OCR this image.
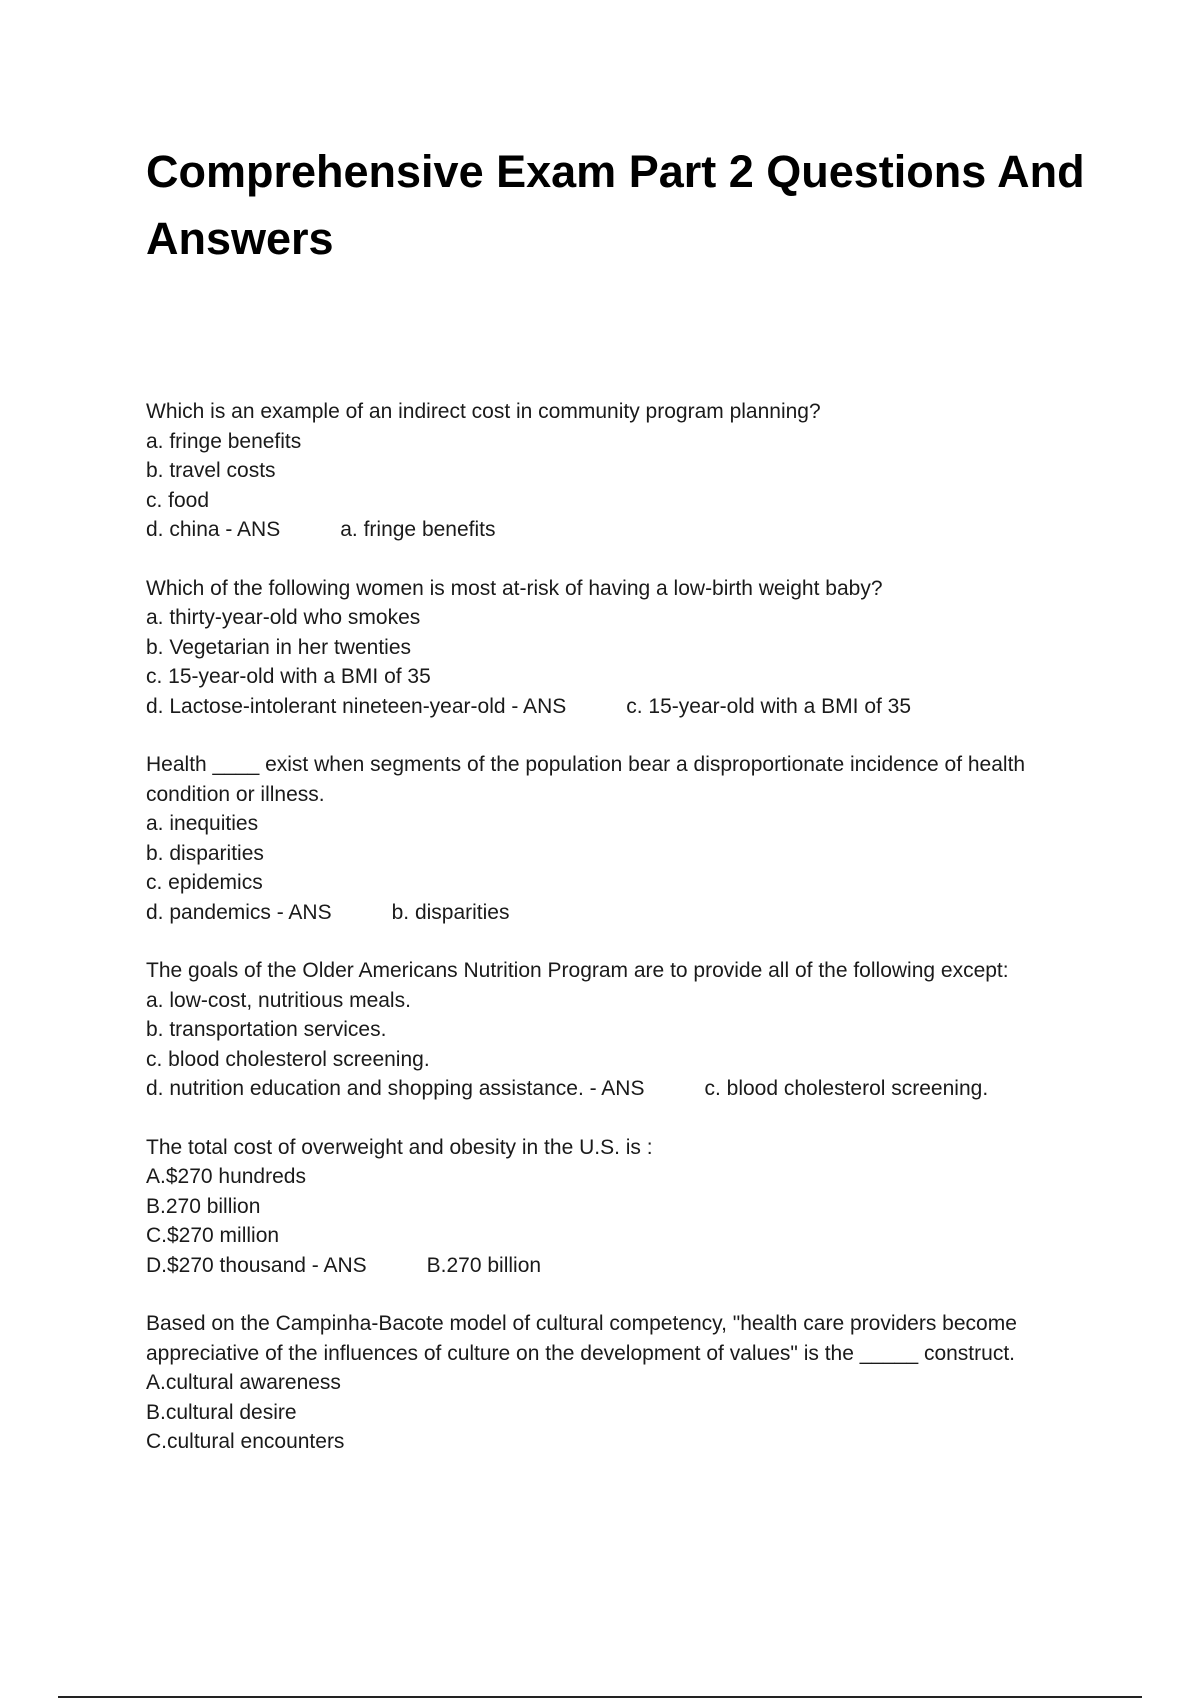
Comprehensive Exam Part 2 Questions And Answers
Which is an example of an indirect cost in community program planning?
a. fringe benefits
b. travel costs
c. food
d. china - ANS	a. fringe benefits
Which of the following women is most at-risk of having a low-birth weight baby?
a. thirty-year-old who smokes
b. Vegetarian in her twenties
c. 15-year-old with a BMI of 35
d. Lactose-intolerant nineteen-year-old - ANS	c. 15-year-old with a BMI of 35
Health ____ exist when segments of the population bear a disproportionate incidence of health condition or illness.
a. inequities
b. disparities
c. epidemics
d. pandemics - ANS	b. disparities
The goals of the Older Americans Nutrition Program are to provide all of the following except:
a. low-cost, nutritious meals.
b. transportation services.
c. blood cholesterol screening.
d. nutrition education and shopping assistance. - ANS	c. blood cholesterol screening.
The total cost of overweight and obesity in the U.S. is :
A.$270 hundreds
B.270 billion
C.$270 million
D.$270 thousand - ANS	B.270 billion
Based on the Campinha-Bacote model of cultural competency, "health care providers become appreciative of the influences of culture on the development of values" is the _____ construct.
A.cultural awareness
B.cultural desire
C.cultural encounters
